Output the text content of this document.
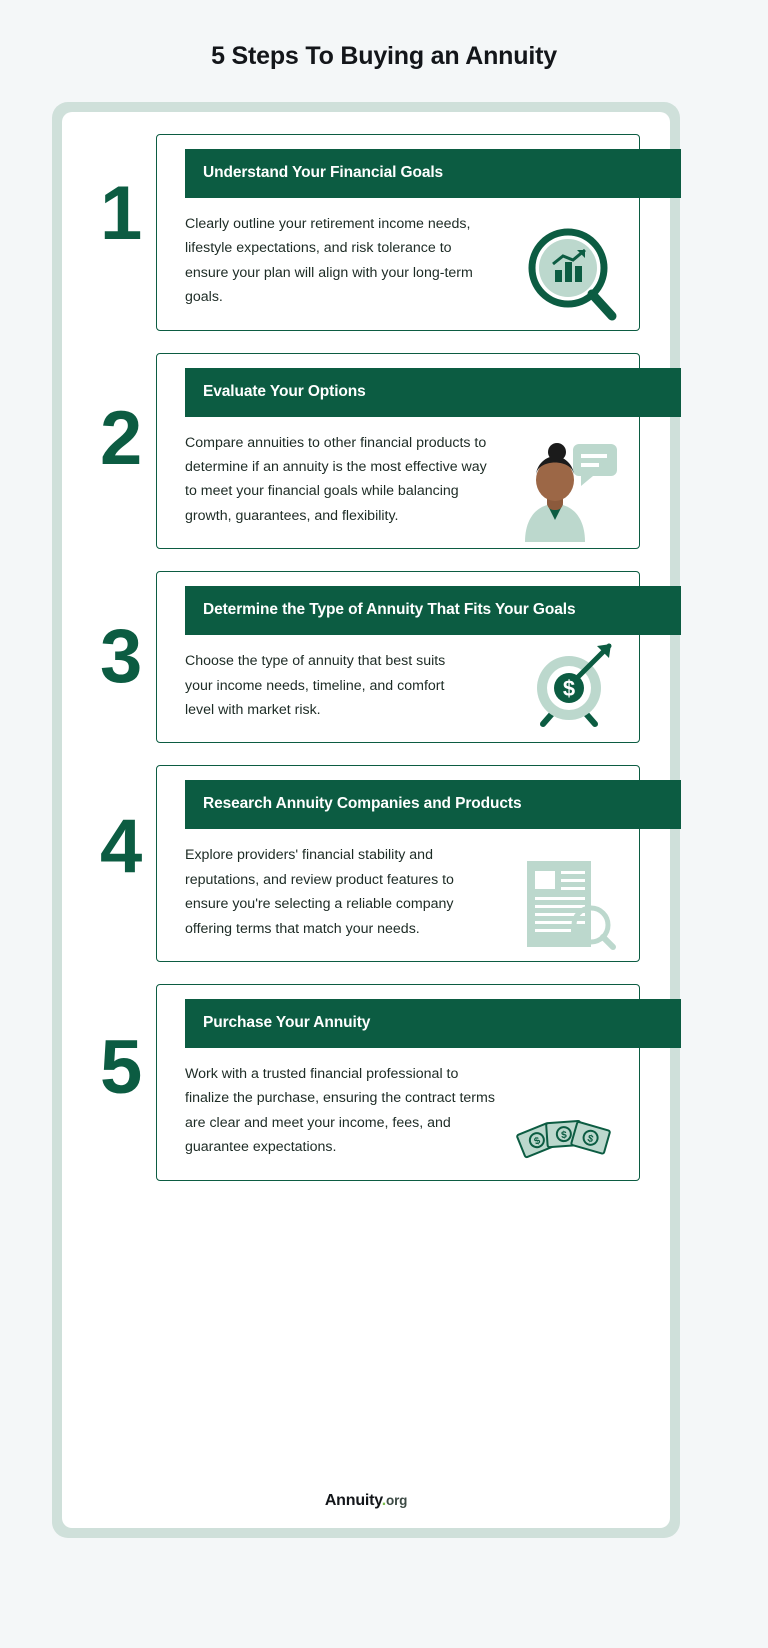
5 Steps To Buying an Annuity
1	Understand Your Financial Goals
Clearly outline your retirement income needs, lifestyle expectations, and risk tolerance to ensure your plan will align with your long-term goals.
2
Evaluate Your Options
Compare annuities to other financial products to determine if an annuity is the most effective way to meet your financial goals while balancing growth, guarantees, and flexibility.
3
Determine the Type of Annuity That Fits Your Goals
Choose the type of annuity that best suits your income needs, timeline, and comfort level with market risk.
$
4
Research Annuity Companies and Products
Explore providers' financial stability and reputations, and review product features to ensure you're selecting a reliable company offering terms that match your needs.
5
Purchase Your Annuity
Work with a trusted financial professional to finalize the purchase, ensuring the contract terms are clear and meet your income, fees, and guarantee expectations.	$ $ $
Annuity.org
